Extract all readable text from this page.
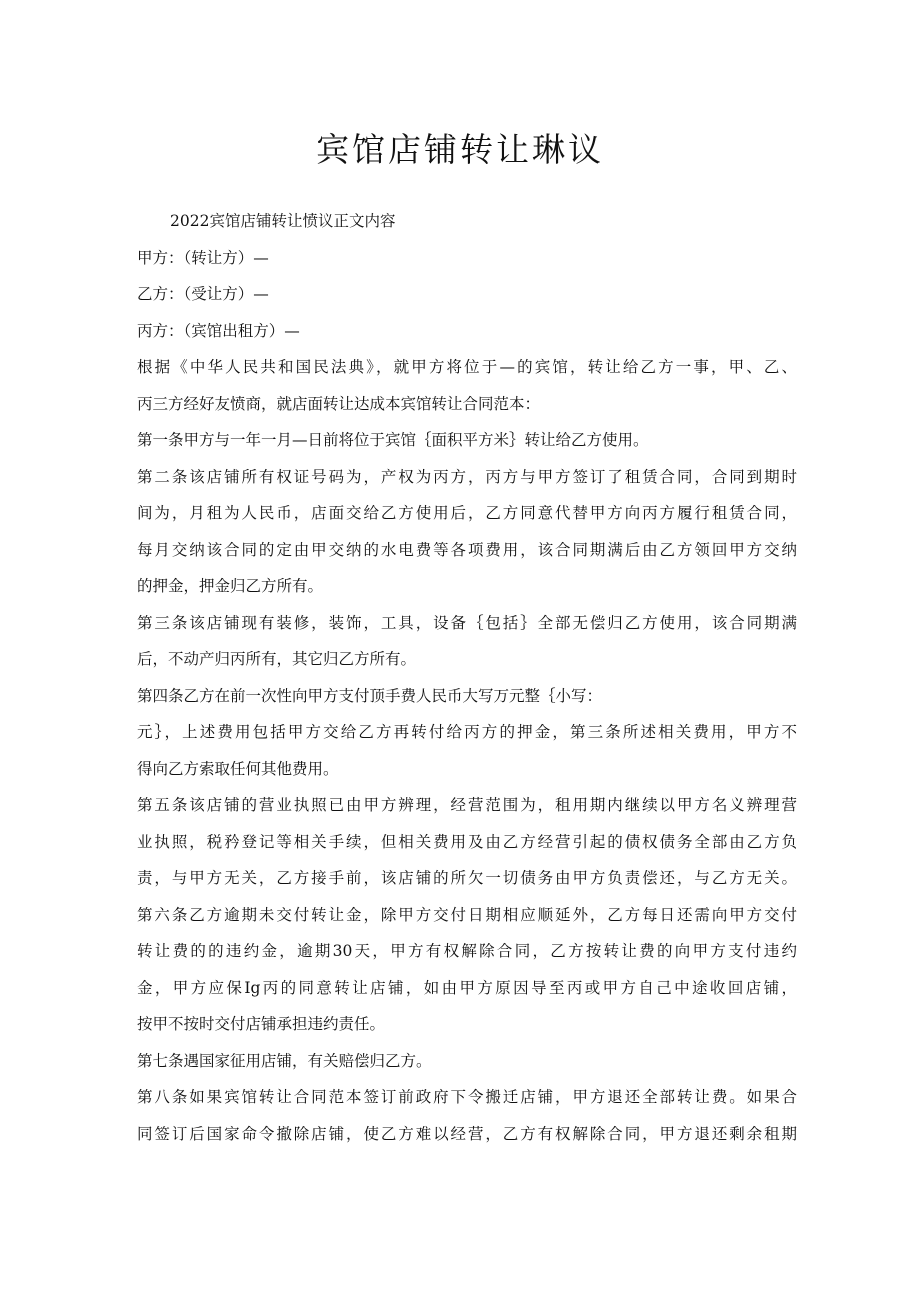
宾馆店铺转让琳议
2022宾馆店铺转让愤议正文内容
甲方：（转让方）—
乙方：（受让方）—
丙方：（宾馆出租方）—
根据《中华人民共和国民法典》，就甲方将位于—的宾馆，转让给乙方一事，甲、乙、
丙三方经好友愤商，就店面转让达成本宾馆转让合同范本：
第一条甲方与一年一月—日前将位于宾馆｛面积平方米｝转让给乙方使用。
第二条该店铺所有权证号码为，产权为丙方，丙方与甲方签订了租赁合同，合同到期时
间为，月租为人民币，店面交给乙方使用后，乙方同意代替甲方向丙方履行租赁合同，
每月交纳该合同的定由甲交纳的水电费等各项费用，该合同期满后由乙方领回甲方交纳
的押金，押金归乙方所有。
第三条该店铺现有装修，装饰，工具，设备｛包括｝全部无偿归乙方使用，该合同期满
后，不动产归丙所有，其它归乙方所有。
第四条乙方在前一次性向甲方支付顶手费人民币大写万元整｛小写：
元｝，上述费用包括甲方交给乙方再转付给丙方的押金，第三条所述相关费用，甲方不
得向乙方索取任何其他费用。
第五条该店铺的营业执照已由甲方辨理，经营范围为，租用期内继续以甲方名义辨理营
业执照，税矜登记等相关手续，但相关费用及由乙方经营引起的债权债务全部由乙方负
责，与甲方无关，乙方接手前，该店铺的所欠一切债务由甲方负责偿还，与乙方无关。
第六条乙方逾期未交付转让金，除甲方交付日期相应顺延外，乙方每日还需向甲方交付
转让费的的违约金，逾期30天，甲方有权解除合同，乙方按转让费的向甲方支付违约
金，甲方应保Ig丙的同意转让店铺，如由甲方原因导至丙或甲方自己中途收回店铺，
按甲不按时交付店铺承担违约责任。
第七条遇国家征用店铺，有关赔偿归乙方。
第八条如果宾馆转让合同范本签订前政府下令搬迁店铺，甲方退还全部转让费。如果合
同签订后国家命令撤除店铺，使乙方难以经营，乙方有权解除合同，甲方退还剩余租期
